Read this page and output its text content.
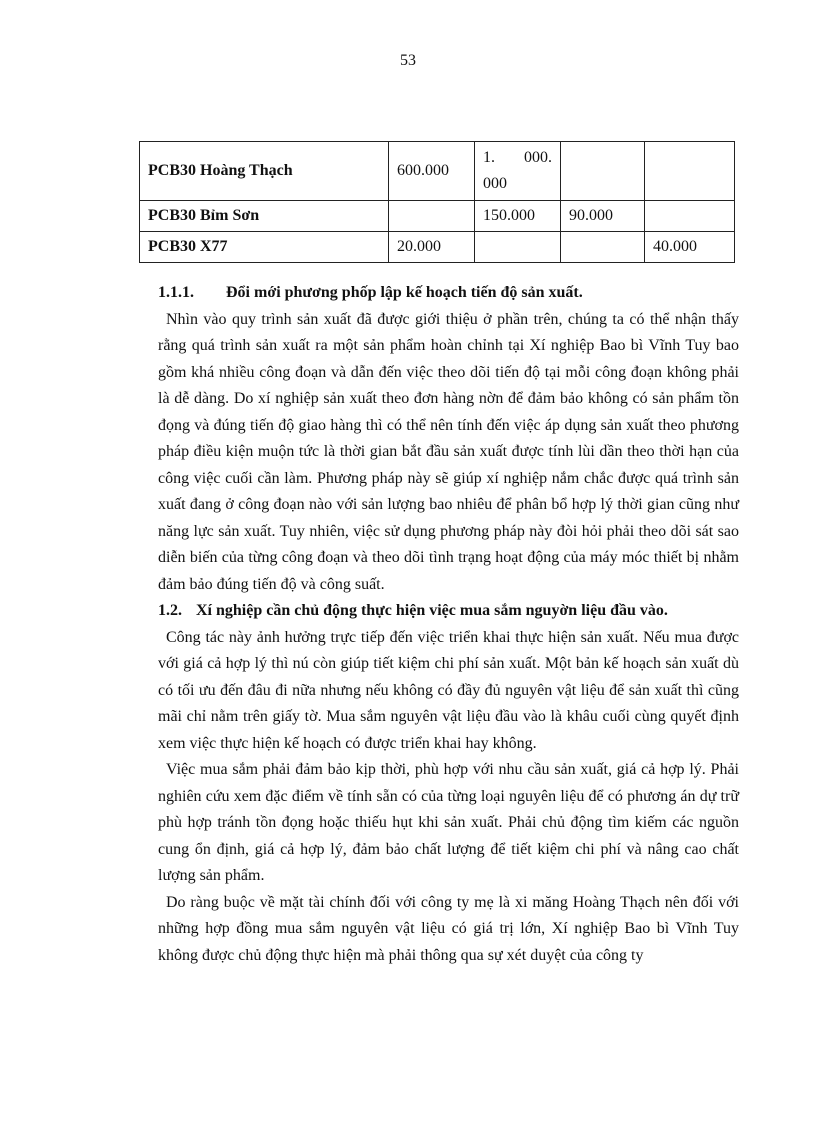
53
PCB30 Hoàng Thạch	600.000	1. 000.
000		

PCB30 Bỉm Sơn		150.000	90.000	
PCB30 X77	20.000			40.000

1.1.1. Đổi mới phương phốp lập kế hoạch tiến độ sản xuất.

Nhìn vào quy trình sản xuất đã được giới thiệu ở phần trên, chúng ta có thể nhận thấy rằng quá trình sản xuất ra một sản phẩm hoàn chỉnh tại Xí nghiệp Bao bì Vĩnh Tuy bao gồm khá nhiều công đoạn và dẫn đến việc theo dõi tiến độ tại mỗi công đoạn không phải là dễ dàng. Do xí nghiệp sản xuất theo đơn hàng nờn để đảm bảo không có sản phẩm tồn đọng và đúng tiến độ giao hàng thì có thể nên tính đến việc áp dụng sản xuất theo phương pháp điều kiện muộn tức là thời gian bắt đầu sản xuất được tính lùi dần theo thời hạn của công việc cuối cần làm. Phương pháp này sẽ giúp xí nghiệp nắm chắc được quá trình sản xuất đang ở công đoạn nào với sản lượng bao nhiêu để phân bổ hợp lý thời gian cũng như năng lực sản xuất. Tuy nhiên, việc sử dụng phương pháp này đòi hỏi phải theo dõi sát sao diễn biến của từng công đoạn và theo dõi tình trạng hoạt động của máy móc thiết bị nhằm đảm bảo đúng tiến độ và công suất.

1.2. Xí nghiệp cần chủ động thực hiện việc mua sắm nguyờn liệu đầu vào.

Công tác này ảnh hưởng trực tiếp đến việc triển khai thực hiện sản xuất. Nếu mua được với giá cả hợp lý thì nú còn giúp tiết kiệm chi phí sản xuất. Một bản kế hoạch sản xuất dù có tối ưu đến đâu đi nữa nhưng nếu không có đầy đủ nguyên vật liệu để sản xuất thì cũng mãi chỉ nằm trên giấy tờ. Mua sắm nguyên vật liệu đầu vào là khâu cuối cùng quyết định xem việc thực hiện kế hoạch có được triển khai hay không.

Việc mua sắm phải đảm bảo kịp thời, phù hợp với nhu cầu sản xuất, giá cả hợp lý. Phải nghiên cứu xem đặc điểm về tính sẵn có của từng loại nguyên liệu để có phương án dự trữ phù hợp tránh tồn đọng hoặc thiếu hụt khi sản xuất. Phải chủ động tìm kiếm các nguồn cung ổn định, giá cả hợp lý, đảm bảo chất lượng để tiết kiệm chi phí và nâng cao chất lượng sản phẩm.

Do ràng buộc về mặt tài chính đối với công ty mẹ là xi măng Hoàng Thạch nên đối với những hợp đồng mua sắm nguyên vật liệu có giá trị lớn, Xí nghiệp Bao bì Vĩnh Tuy không được chủ động thực hiện mà phải thông qua sự xét duyệt của công ty
